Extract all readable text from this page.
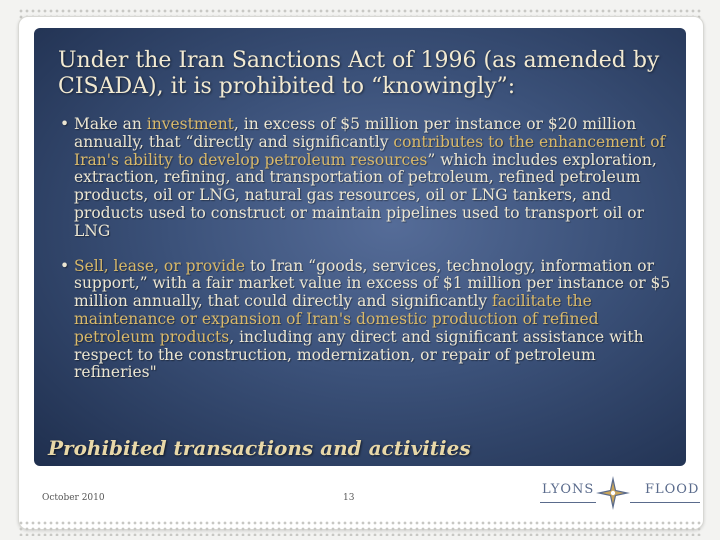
Under the Iran Sanctions Act of 1996 (as amended by CISADA), it is prohibited to “knowingly”:
• Make an investment, in excess of $5 million per instance or $20 million annually, that “directly and significantly contributes to the enhancement of Iran's ability to develop petroleum resources” which includes exploration, extraction, refining, and transportation of petroleum, refined petroleum products, oil or LNG, natural gas resources, oil or LNG tankers, and products used to construct or maintain pipelines used to transport oil or LNG
• Sell, lease, or provide to Iran “goods, services, technology, information or support,” with a fair market value in excess of $1 million per instance or $5 million annually, that could directly and significantly facilitate the maintenance or expansion of Iran's domestic production of refined petroleum products, including any direct and significant assistance with respect to the construction, modernization, or repair of petroleum refineries"
Prohibited transactions and activities
October 2010	13
LYONS	FLOOD
